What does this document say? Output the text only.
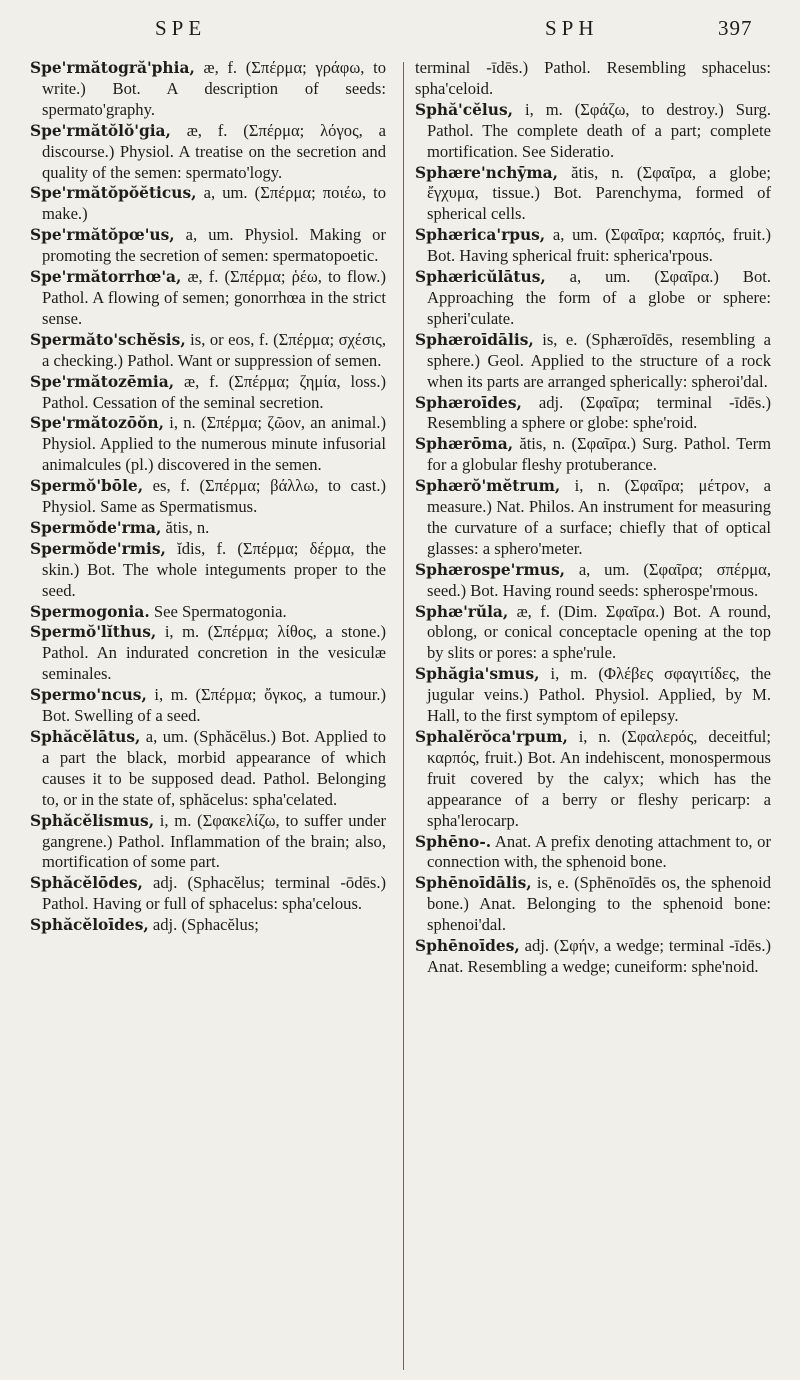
SPE	SPH	397

Spe'rmătogră'phia, æ, f. (Σπέρμα; γράφω, to write.) Bot. A description of seeds: spermato'graphy.

Spe'rmătŏlŏ'gia, æ, f. (Σπέρμα; λόγος, a discourse.) Physiol. A treatise on the secretion and quality of the semen: spermato'logy.

Spe'rmătŏpŏĕticus, a, um. (Σπέρμα; ποιέω, to make.)

Spe'rmătŏpœ'us, a, um. Physiol. Making or promoting the secretion of semen: spermatopoetic.

Spe'rmătorrhœ'a, æ, f. (Σπέρμα; ῥέω, to flow.) Pathol. A flowing of semen; gonorrhœa in the strict sense.

Spermăto'schĕsis, is, or eos, f. (Σπέρμα; σχέσις, a checking.) Pathol. Want or suppression of semen.

Spe'rmătozēmia, æ, f. (Σπέρμα; ζημία, loss.) Pathol. Cessation of the seminal secretion.

Spe'rmătozōŏn, i, n. (Σπέρμα; ζῶον, an animal.) Physiol. Applied to the numerous minute infusorial animalcules (pl.) discovered in the semen.

Spermŏ'bōle, es, f. (Σπέρμα; βάλλω, to cast.) Physiol. Same as Spermatismus.

Spermŏde'rma, ătis, n.

Spermŏde'rmis, ĭdis, f. (Σπέρμα; δέρμα, the skin.) Bot. The whole integuments proper to the seed.

Spermogonia. See Spermatogonia.

Spermŏ'lĭthus, i, m. (Σπέρμα; λίθος, a stone.) Pathol. An indurated concretion in the vesiculæ seminales.

Spermo'ncus, i, m. (Σπέρμα; ὄγκος, a tumour.) Bot. Swelling of a seed.

Sphăcĕlātus, a, um. (Sphăcēlus.) Bot. Applied to a part the black, morbid appearance of which causes it to be supposed dead. Pathol. Belonging to, or in the state of, sphăcelus: spha'celated.

Sphăcĕlismus, i, m. (Σφακελίζω, to suffer under gangrene.) Pathol. Inflammation of the brain; also, mortification of some part.

Sphăcĕlōdes, adj. (Sphacĕlus; terminal -ōdēs.) Pathol. Having or full of sphacelus: spha'celous.

Sphăcĕloīdes, adj. (Sphacĕlus;

terminal -īdēs.) Pathol. Resembling sphacelus: spha'celoid.

Sphă'cĕlus, i, m. (Σφάζω, to destroy.) Surg. Pathol. The complete death of a part; complete mortification. See Sideratio.

Sphære'nchȳma, ătis, n. (Σφαῖρα, a globe; ἔγχυμα, tissue.) Bot. Parenchyma, formed of spherical cells.

Sphærica'rpus, a, um. (Σφαῖρα; καρπός, fruit.) Bot. Having spherical fruit: spherica'rpous.

Sphæricŭlātus, a, um. (Σφαῖρα.) Bot. Approaching the form of a globe or sphere: spheri'culate.

Sphæroīdālis, is, e. (Sphæroīdēs, resembling a sphere.) Geol. Applied to the structure of a rock when its parts are arranged spherically: spheroi'dal.

Sphæroīdes, adj. (Σφαῖρα; terminal -īdēs.) Resembling a sphere or globe: sphe'roid.

Sphærōma, ătis, n. (Σφαῖρα.) Surg. Pathol. Term for a globular fleshy protuberance.

Sphærŏ'mĕtrum, i, n. (Σφαῖρα; μέτρον, a measure.) Nat. Philos. An instrument for measuring the curvature of a surface; chiefly that of optical glasses: a sphero'meter.

Sphærospe'rmus, a, um. (Σφαῖρα; σπέρμα, seed.) Bot. Having round seeds: spherospe'rmous.

Sphæ'rŭla, æ, f. (Dim. Σφαῖρα.) Bot. A round, oblong, or conical conceptacle opening at the top by slits or pores: a sphe'rule.

Sphăgia'smus, i, m. (Φλέβες σφαγιτίδες, the jugular veins.) Pathol. Physiol. Applied, by M. Hall, to the first symptom of epilepsy.

Sphalĕrŏca'rpum, i, n. (Σφαλερός, deceitful; καρπός, fruit.) Bot. An indehiscent, monospermous fruit covered by the calyx; which has the appearance of a berry or fleshy pericarp: a spha'lerocarp.

Sphēno-. Anat. A prefix denoting attachment to, or connection with, the sphenoid bone.

Sphēnoīdālis, is, e. (Sphēnoīdēs os, the sphenoid bone.) Anat. Belonging to the sphenoid bone: sphenoi'dal.

Sphēnoīdes, adj. (Σφήν, a wedge; terminal -īdēs.) Anat. Resembling a wedge; cuneiform: sphe'noid.
